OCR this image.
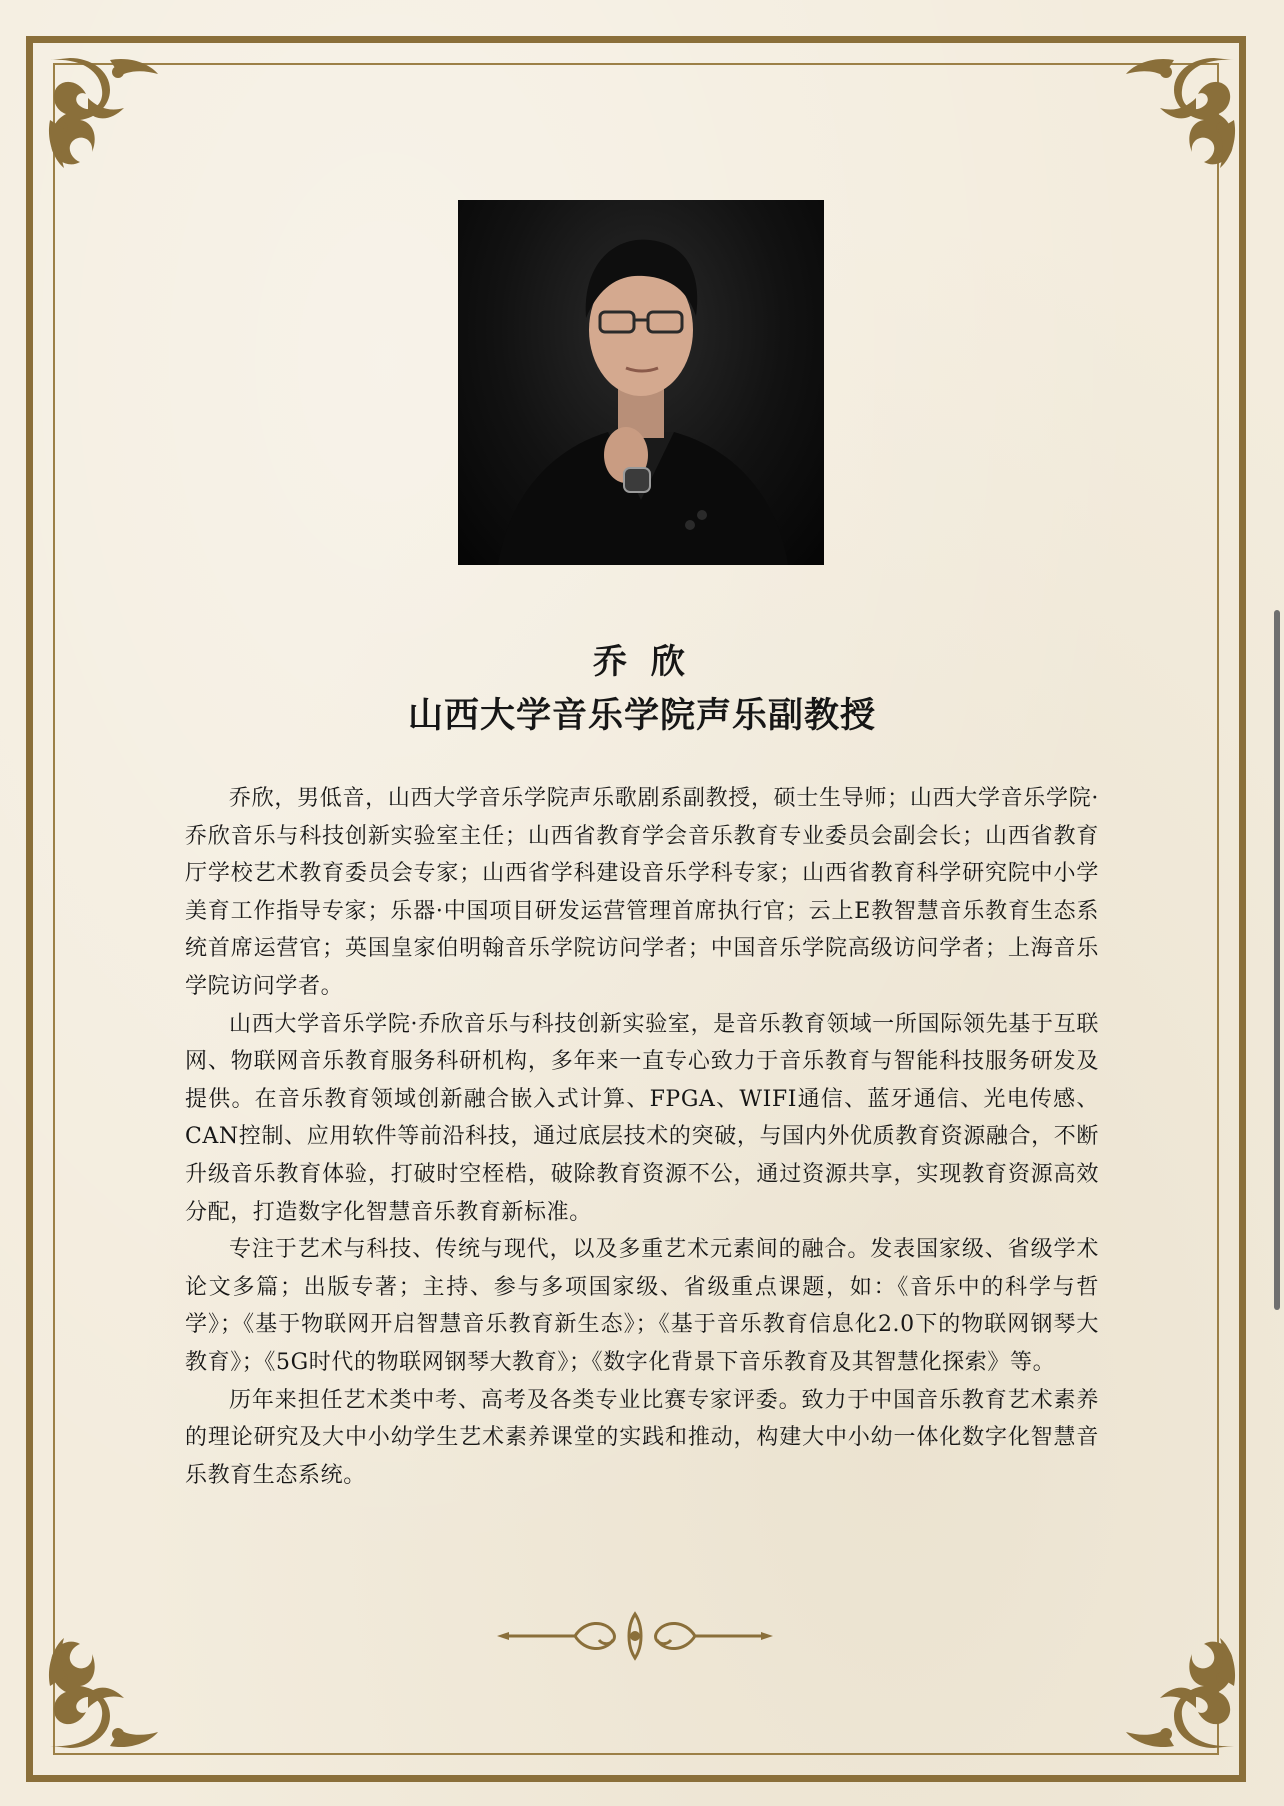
乔 欣
山西大学音乐学院声乐副教授

乔欣，男低音，山西大学音乐学院声乐歌剧系副教授，硕士生导师；山西大学音乐学院·乔欣音乐与科技创新实验室主任；山西省教育学会音乐教育专业委员会副会长；山西省教育厅学校艺术教育委员会专家；山西省学科建设音乐学科专家；山西省教育科学研究院中小学美育工作指导专家；乐器·中国项目研发运营管理首席执行官；云上E教智慧音乐教育生态系统首席运营官；英国皇家伯明翰音乐学院访问学者；中国音乐学院高级访问学者；上海音乐学院访问学者。

山西大学音乐学院·乔欣音乐与科技创新实验室，是音乐教育领域一所国际领先基于互联网、物联网音乐教育服务科研机构，多年来一直专心致力于音乐教育与智能科技服务研发及提供。在音乐教育领域创新融合嵌入式计算、FPGA、WIFI通信、蓝牙通信、光电传感、CAN控制、应用软件等前沿科技，通过底层技术的突破，与国内外优质教育资源融合，不断升级音乐教育体验，打破时空桎梏，破除教育资源不公，通过资源共享，实现教育资源高效分配，打造数字化智慧音乐教育新标准。

专注于艺术与科技、传统与现代，以及多重艺术元素间的融合。发表国家级、省级学术论文多篇；出版专著；主持、参与多项国家级、省级重点课题，如：《音乐中的科学与哲学》；《基于物联网开启智慧音乐教育新生态》；《基于音乐教育信息化2.0下的物联网钢琴大教育》；《5G时代的物联网钢琴大教育》；《数字化背景下音乐教育及其智慧化探索》等。

历年来担任艺术类中考、高考及各类专业比赛专家评委。致力于中国音乐教育艺术素养的理论研究及大中小幼学生艺术素养课堂的实践和推动，构建大中小幼一体化数字化智慧音乐教育生态系统。
